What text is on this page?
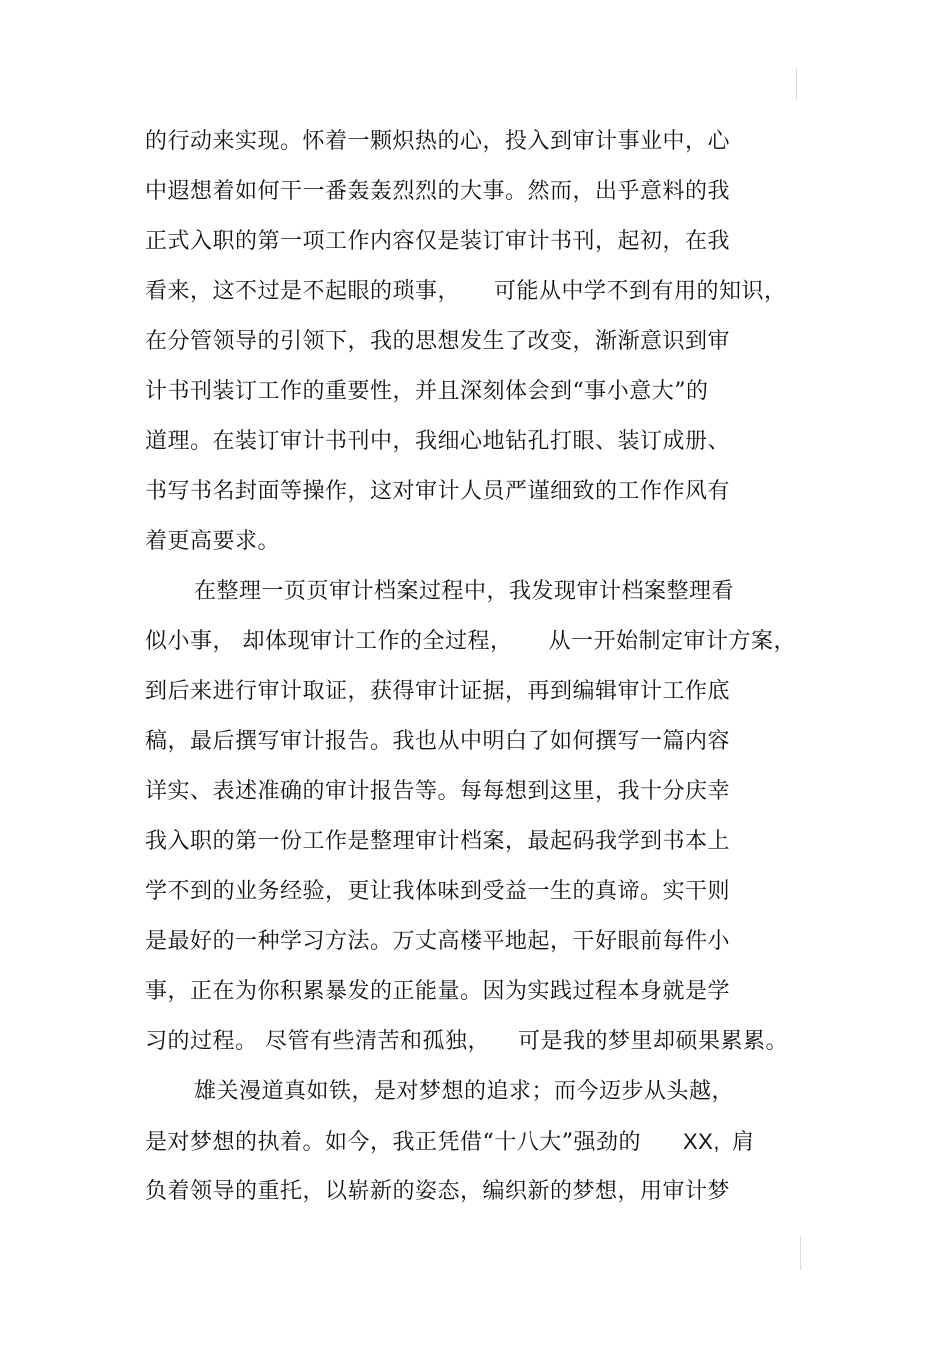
的行动来实现。怀着一颗炽热的心，投入到审计事业中，心
中遐想着如何干一番轰轰烈烈的大事。然而，出乎意料的我
正式入职的第一项工作内容仅是装订审计书刊，起初，在我
看来，这不过是不起眼的琐事， 可能从中学不到有用的知识，
在分管领导的引领下，我的思想发生了改变，渐渐意识到审
计书刊装订工作的重要性，并且深刻体会到“事小意大”的
道理。在装订审计书刊中，我细心地钻孔打眼、装订成册、
书写书名封面等操作，这对审计人员严谨细致的工作作风有
着更高要求。
在整理一页页审计档案过程中，我发现审计档案整理看
似小事， 却体现审计工作的全过程， 从一开始制定审计方案，
到后来进行审计取证，获得审计证据，再到编辑审计工作底
稿，最后撰写审计报告。我也从中明白了如何撰写一篇内容
详实、表述准确的审计报告等。每每想到这里，我十分庆幸
我入职的第一份工作是整理审计档案，最起码我学到书本上
学不到的业务经验，更让我体味到受益一生的真谛。实干则
是最好的一种学习方法。万丈高楼平地起，干好眼前每件小
事，正在为你积累暴发的正能量。因为实践过程本身就是学
习的过程。 尽管有些清苦和孤独， 可是我的梦里却硕果累累。
雄关漫道真如铁，是对梦想的追求；而今迈步从头越，
是对梦想的执着。如今，我正凭借“十八大”强劲的 XX, 肩
负着领导的重托，以崭新的姿态，编织新的梦想，用审计梦
